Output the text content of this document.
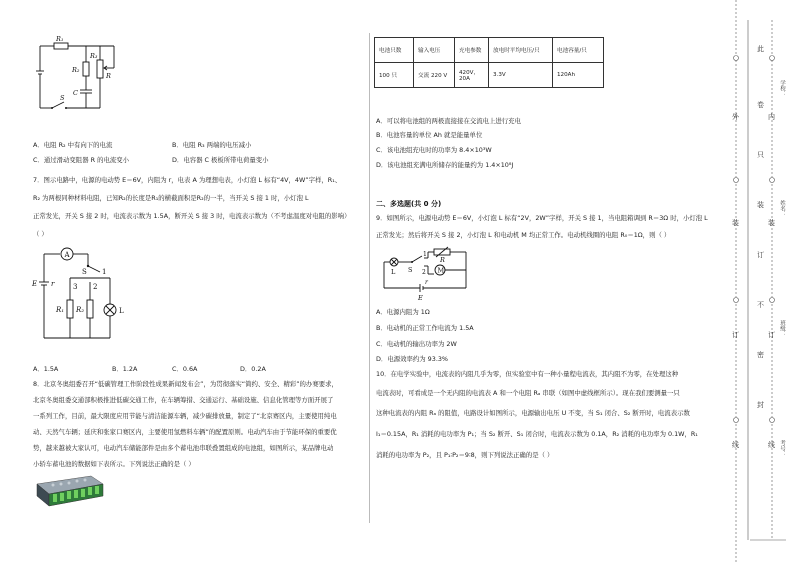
R₁
R₂
R₃
R
C
S
A．电阻 R₂ 中有向下的电流	B．电阻 R₃ 两端的电压减小
C．通过滑动变阻器 R 的电流变小	D．电容器 C 极板所带电荷量变小
7．图示电路中，电源的电动势 E＝6V，内阻为 r，电表 A 为理想电表，小灯泡 L 标有“4V，4W”字样，R₁、
R₂ 为两根同种材料电阻，已知R₂的长度是R₁的横截面积是R₂的一半，当开关 S 接 1 时，小灯泡 L
正常发光，开关 S 接 2 时，电流表示数为 1.5A，断开关 S 接 3 时，电流表示数为（不考虑温度对电阻的影响）
（ ）
A
E r
S
3 2
1
R₁ R₂	L
A．1.5A	B．1.2A	C．0.6A	D．0.2A
8．北京冬奥组委召开“低碳管理工作阶段性成果新闻发布会”，为贯彻落实“简约、安全、精彩”的办赛要求，
北京冬奥组委交通部积极推进低碳交通工作，在车辆筹措、交通运行、基础设施、信息化管理等方面开展了
一系列工作，目前，最大限度应用节能与清洁能源车辆，减少碳排放量，制定了“北京赛区内，主要使用纯电
动、天然气车辆；延庆和张家口赛区内，主要使用氢燃料车辆”的配置原则。电动汽车由于节能环保的重要优
势，越来越被大家认可，电动汽车储能部件是由多个蓄电池串联叠置组成的电池组，如图所示，某品牌电动
小轿车蓄电池的数据如下表所示。下列说法正确的是（ ）
电池只数	输入电压	充电参数	放电时平均电压/只	电池容量/只
100 只	交流 220 V	420V，20A	3.3V	120Ah
A．可以将电池组的两极直接接在交流电上进行充电
B．电池容量的单位 Ah 就是能量单位
C．该电池组充电时的功率为 8.4×10³W
D．该电池组充满电所储存的能量约为 1.4×10⁸J
二、多选题(共 0 分)
9．如图所示，电源电动势 E＝6V，小灯泡 L 标有“2V，2W”字样，开关 S 接 1，当电阻箱调到 R＝3Ω 时，小灯泡 L
正常发光；然后将开关 S 接 2，小灯泡 L 和电动机 M 均正常工作。电动机线圈的电阻 R₀＝1Ω，则（ ）
L S
1
2
R
M
E
r
A．电源内阻为 1Ω
B．电动机的正常工作电流为 1.5A
C．电动机的输出功率为 2W
D．电源效率约为 93.3%
10．在电学实验中，电流表的内阻几乎为零，但实验室中有一种小量程电流表，其内阻不为零，在处理这种
电流表时，可看成是一个无内阻的电流表 A 和一个电阻 Rₐ 串联（如图中虚线框所示）。现在我们要测量一只
这种电流表的内阻 Rₐ 的阻值，电路设计如图所示，电源输出电压 U 不变，当 S₁ 闭合、S₂ 断开时，电流表示数
I₁＝0.15A，R₁ 消耗的电功率为 P₁；当 S₂ 断开、S₁ 闭合时，电流表示数为 0.1A，R₂ 消耗的电功率为 0.1W，R₁
消耗的电功率为 P₂，且 P₁∶P₂＝9∶8，则下列说法正确的是（ ）
此
卷
只
装
订
不
密
封
外
装
订
线
内
装
订
线
学校：
姓名：
班级：
考号：
